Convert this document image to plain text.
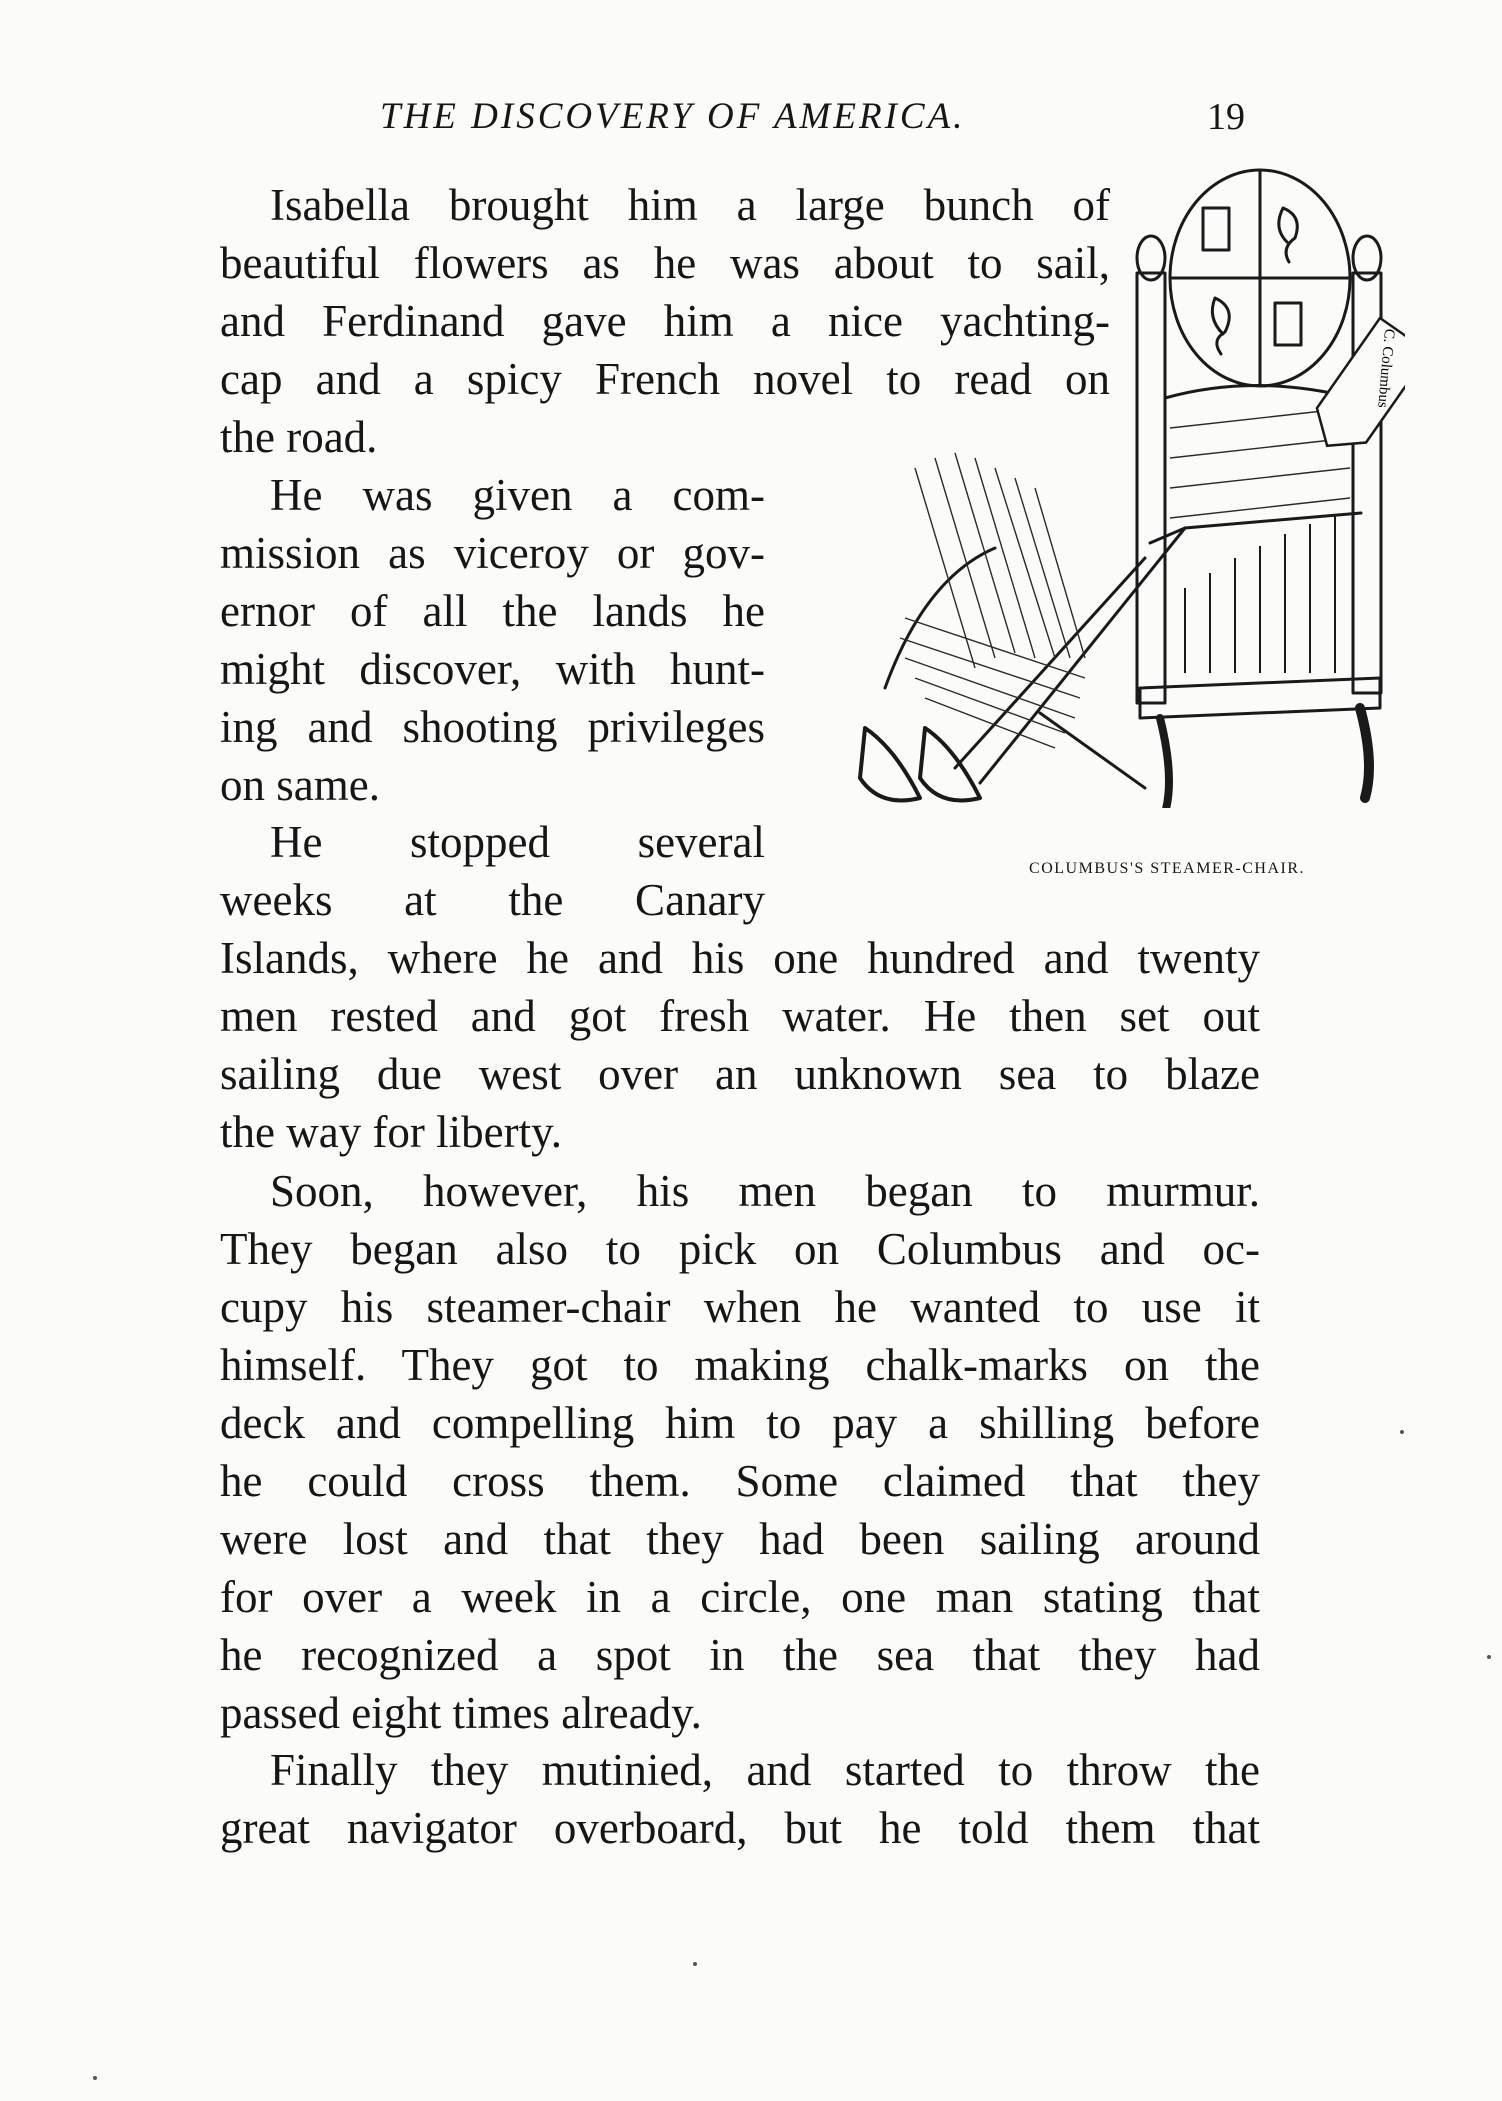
THE DISCOVERY OF AMERICA.	19
Isabella brought him a large bunch of
beautiful flowers as he was about to sail,
and Ferdinand gave him a nice yachting-
cap and a spicy French novel to read on
the road.
He was given a com-
mission as viceroy or gov-
ernor of all the lands he
might discover, with hunt-
ing and shooting privileges
on same.
He stopped several
weeks at the Canary
Islands, where he and his one hundred and twenty
men rested and got fresh water. He then set out
sailing due west over an unknown sea to blaze
the way for liberty.
Soon, however, his men began to murmur.
They began also to pick on Columbus and oc-
cupy his steamer-chair when he wanted to use it
himself. They got to making chalk-marks on the
deck and compelling him to pay a shilling before
he could cross them. Some claimed that they
were lost and that they had been sailing around
for over a week in a circle, one man stating that
he recognized a spot in the sea that they had
passed eight times already.
Finally they mutinied, and started to throw the
great navigator overboard, but he told them that
C. Columbus
COLUMBUS'S STEAMER-CHAIR.
